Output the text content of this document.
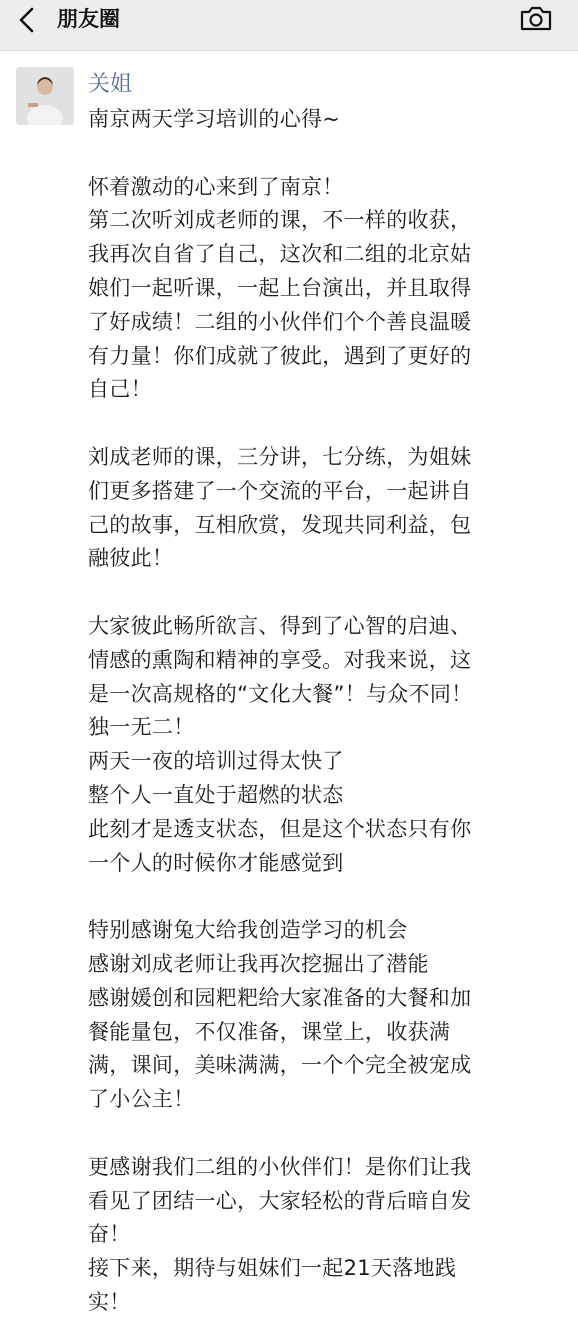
朋友圈
关姐
南京两天学习培训的心得~
怀着激动的心来到了南京！
第二次听刘成老师的课，不一样的收获，
我再次自省了自己，这次和二组的北京姑
娘们一起听课，一起上台演出，并且取得
了好成绩！二组的小伙伴们个个善良温暖
有力量！你们成就了彼此，遇到了更好的
自己！
刘成老师的课，三分讲，七分练，为姐妹
们更多搭建了一个交流的平台，一起讲自
己的故事，互相欣赏，发现共同利益，包
融彼此！
大家彼此畅所欲言、得到了心智的启迪、
情感的熏陶和精神的享受。对我来说，这
是一次高规格的“文化大餐”！与众不同！
独一无二！
两天一夜的培训过得太快了
整个人一直处于超燃的状态
此刻才是透支状态，但是这个状态只有你
一个人的时候你才能感觉到
特别感谢兔大给我创造学习的机会
感谢刘成老师让我再次挖掘出了潜能
感谢媛创和园粑粑给大家准备的大餐和加
餐能量包，不仅准备，课堂上，收获满
满，课间，美味满满，一个个完全被宠成
了小公主！
更感谢我们二组的小伙伴们！是你们让我
看见了团结一心，大家轻松的背后暗自发
奋！
接下来，期待与姐妹们一起21天落地践
实！
